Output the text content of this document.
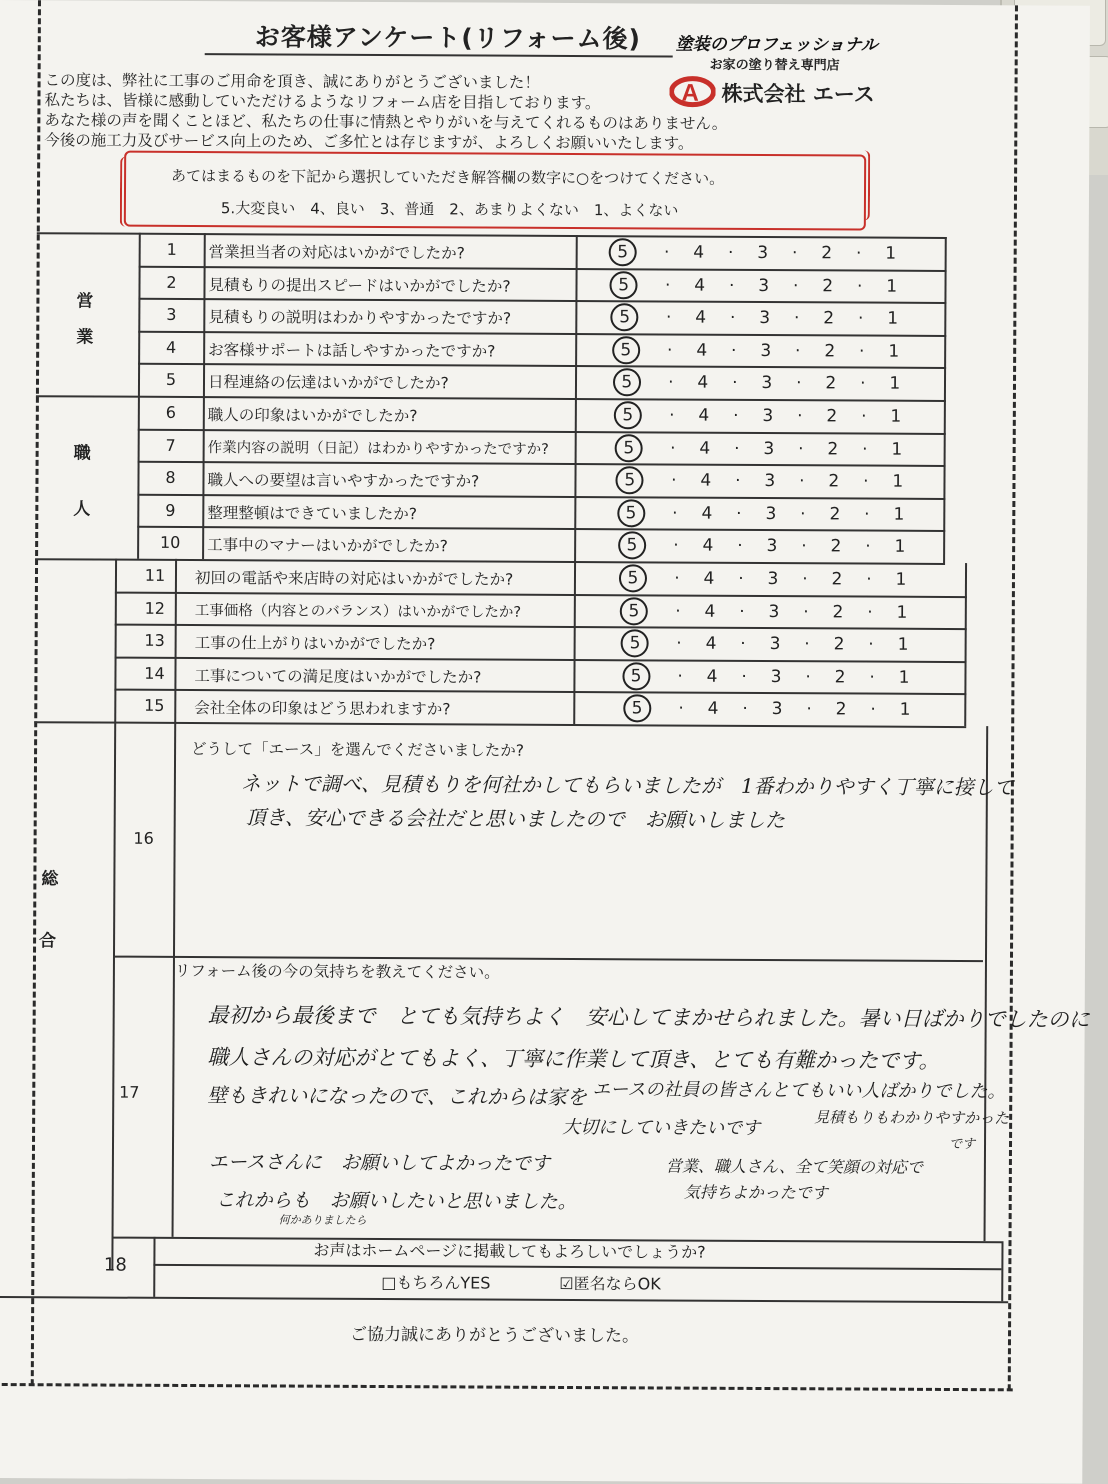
お客様アンケート(リフォーム後) 塗装のプロフェッショナル
お家の塗り替え専門店
A 株式会社 エース
この度は、弊社に工事のご用命を頂き、誠にありがとうございました！
私たちは、皆様に感動していただけるようなリフォーム店を目指しております。
あなた様の声を聞くことほど、私たちの仕事に情熱とやりがいを与えてくれるものはありません。
今後の施工力及びサービス向上のため、ご多忙とは存じますが、よろしくお願いいたします。
あてはまるものを下記から選択していただき解答欄の数字に○をつけてください。
5.大変良い　4、良い　3、普通　2、あまりよくない　1、よくない
営
業
職
人
総
合
16
どうして「エース」を選んでくださいましたか?
ネットで調べ、見積もりを何社かしてもらいましたが　1番わかりやすく丁寧に接して
頂き、安心できる会社だと思いましたので　お願いしました
17
リフォーム後の今の気持ちを教えてください。
最初から最後まで　とても気持ちよく　安心してまかせられました。暑い日ばかりでしたのに
職人さんの対応がとてもよく、丁寧に作業して頂き、とても有難かったです。
壁もきれいになったので、これからは家を エースの社員の皆さんとてもいい人ばかりでした。
大切にしていきたいです	見積もりもわかりやすかった
です
エースさんに　お願いしてよかったです
これからも　お願いしたいと思いました。
何かありましたら
営業、職人さん、全て笑顔の対応で
気持ちよかったです
18
お声はホームページに掲載してもよろしいでしょうか?
□もちろんYES	☑匿名ならOK
ご協力誠にありがとうございました。
1	営業担当者の対応はいかがでしたか?	5 · 4 · 3 · 2 · 1
2	見積もりの提出スピードはいかがでしたか?	5 · 4 · 3 · 2 · 1
3	見積もりの説明はわかりやすかったですか?	5 · 4 · 3 · 2 · 1
4	お客様サポートは話しやすかったですか?	5 · 4 · 3 · 2 · 1
5	日程連絡の伝達はいかがでしたか?	5 · 4 · 3 · 2 · 1
6	職人の印象はいかがでしたか?	5 · 4 · 3 · 2 · 1
7	作業内容の説明（日記）はわかりやすかったですか?	5 · 4 · 3 · 2 · 1
8	職人への要望は言いやすかったですか?	5 · 4 · 3 · 2 · 1
9	整理整頓はできていましたか?	5 · 4 · 3 · 2 · 1
10	工事中のマナーはいかがでしたか?	5 · 4 · 3 · 2 · 1
11	初回の電話や来店時の対応はいかがでしたか?	5 · 4 · 3 · 2 · 1
12	工事価格（内容とのバランス）はいかがでしたか?	5 · 4 · 3 · 2 · 1
13	工事の仕上がりはいかがでしたか?	5 · 4 · 3 · 2 · 1
14	工事についての満足度はいかがでしたか?	5 · 4 · 3 · 2 · 1
15	会社全体の印象はどう思われますか?	5 · 4 · 3 · 2 · 1
